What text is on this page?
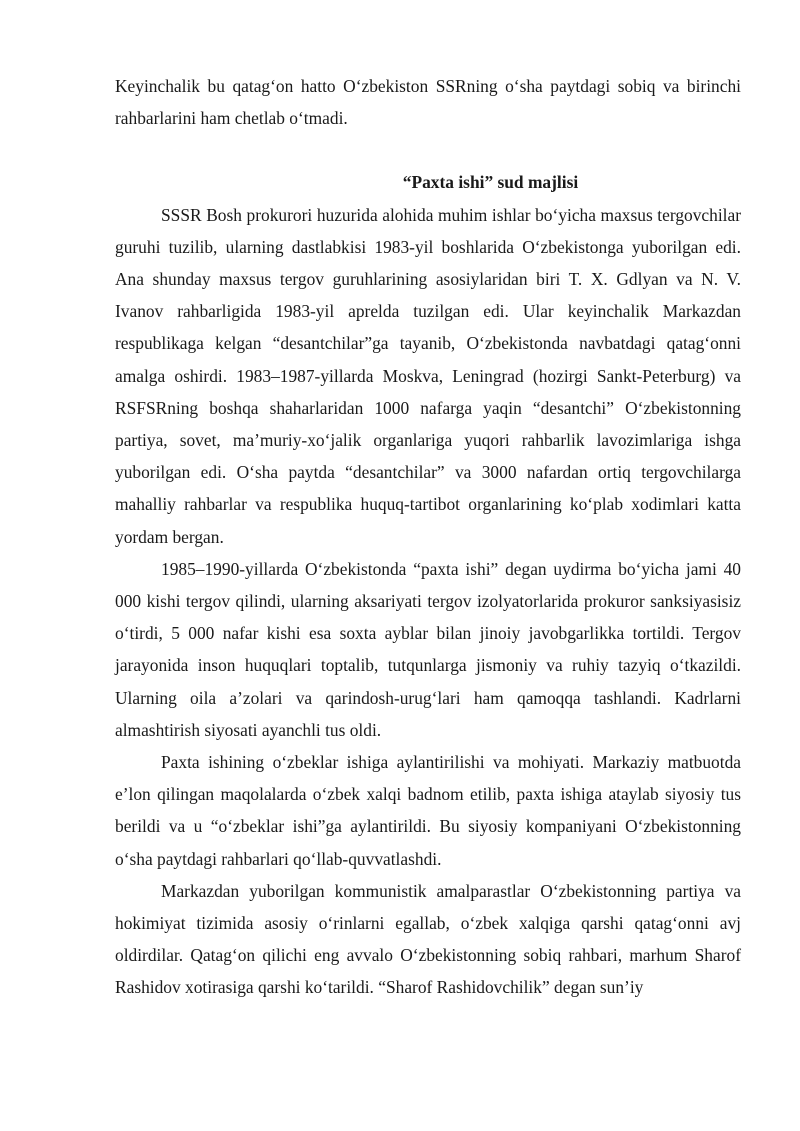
Keyinchalik bu qatag‘on hatto O‘zbekiston SSRning o‘sha paytdagi sobiq va birinchi rahbarlarini ham chetlab o‘tmadi.

“Paxta ishi” sud majlisi

SSSR Bosh prokurori huzurida alohida muhim ishlar bo‘yicha maxsus tergovchilar guruhi tuzilib, ularning dastlabkisi 1983-yil boshlarida O‘zbekistonga yuborilgan edi. Ana shunday maxsus tergov guruhlarining asosiylaridan biri T. X. Gdlyan va N. V. Ivanov rahbarligida 1983-yil aprelda tuzilgan edi. Ular keyinchalik Markazdan respublikaga kelgan “desantchilar”ga tayanib, O‘zbekistonda navbatdagi qatag‘onni amalga oshirdi. 1983–1987-yillarda Moskva, Leningrad (hozirgi Sankt-Peterburg) va RSFSRning boshqa shaharlaridan 1000 nafarga yaqin “desantchi” O‘zbekistonning partiya, sovet, ma’muriy-xo‘jalik organlariga yuqori rahbarlik lavozimlariga ishga yuborilgan edi. O‘sha paytda “desantchilar” va 3000 nafardan ortiq tergovchilarga mahalliy rahbarlar va respublika huquq-tartibot organlarining ko‘plab xodimlari katta yordam bergan.

1985–1990-yillarda O‘zbekistonda “paxta ishi” degan uydirma bo‘yicha jami 40 000 kishi tergov qilindi, ularning aksariyati tergov izolyatorlarida prokuror sanksiyasisiz o‘tirdi, 5 000 nafar kishi esa soxta ayblar bilan jinoiy javobgarlikka tortildi. Tergov jarayonida inson huquqlari toptalib, tutqunlarga jismoniy va ruhiy tazyiq o‘tkazildi. Ularning oila a’zolari va qarindosh-urug‘lari ham qamoqqa tashlandi. Kadrlarni almashtirish siyosati ayanchli tus oldi.

Paxta ishining o‘zbeklar ishiga aylantirilishi va mohiyati. Markaziy matbuotda e’lon qilingan maqolalarda o‘zbek xalqi badnom etilib, paxta ishiga ataylab siyosiy tus berildi va u “o‘zbeklar ishi”ga aylantirildi. Bu siyosiy kompaniyani O‘zbekistonning o‘sha paytdagi rahbarlari qo‘llab-quvvatlashdi.

Markazdan yuborilgan kommunistik amalparastlar O‘zbekistonning partiya va hokimiyat tizimida asosiy o‘rinlarni egallab, o‘zbek xalqiga qarshi qatag‘onni avj oldirdilar. Qatag‘on qilichi eng avvalo O‘zbekistonning sobiq rahbari, marhum Sharof Rashidov xotirasiga qarshi ko‘tarildi. “Sharof Rashidovchilik” degan sun’iy
